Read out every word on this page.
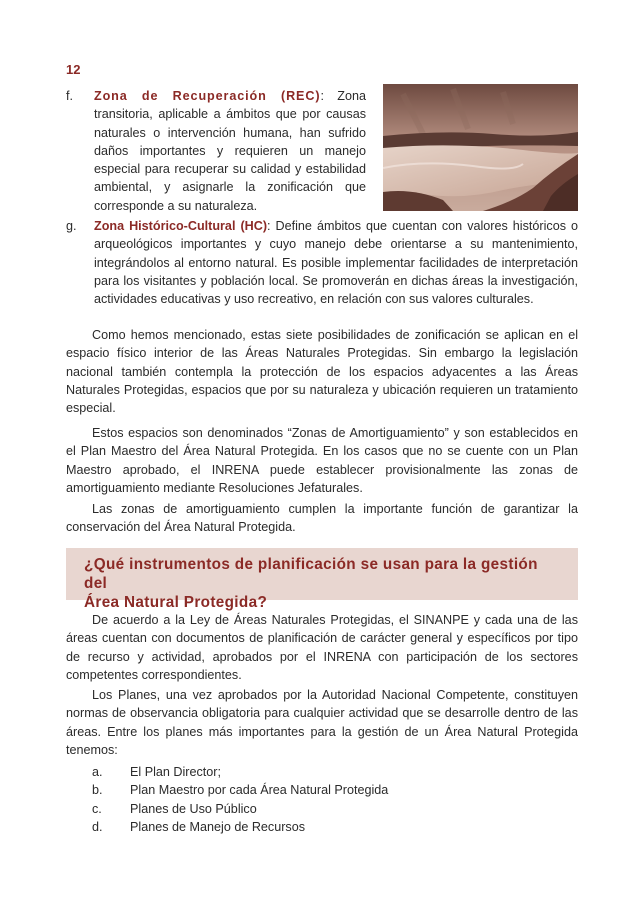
12
f. Zona de Recuperación (REC): Zona transitoria, aplicable a ámbitos que por causas naturales o intervención humana, han sufrido daños importantes y requieren un manejo especial para recuperar su calidad y estabilidad ambiental, y asignarle la zonificación que corresponde a su naturaleza.
g. Zona Histórico-Cultural (HC): Define ámbitos que cuentan con valores históricos o arqueológicos importantes y cuyo manejo debe orientarse a su mantenimiento, integrándolos al entorno natural. Es posible implementar facilidades de interpretación para los visitantes y población local. Se promoverán en dichas áreas la investigación, actividades educativas y uso recreativo, en relación con sus valores culturales.

Como hemos mencionado, estas siete posibilidades de zonificación se aplican en el espacio físico interior de las Áreas Naturales Protegidas. Sin embargo la legislación nacional también contempla la protección de los espacios adyacentes a las Áreas Naturales Protegidas, espacios que por su naturaleza y ubicación requieren un tratamiento especial.

Estos espacios son denominados “Zonas de Amortiguamiento” y son establecidos en el Plan Maestro del Área Natural Protegida. En los casos que no se cuente con un Plan Maestro aprobado, el INRENA puede establecer provisionalmente las zonas de amortiguamiento mediante Resoluciones Jefaturales.

Las zonas de amortiguamiento cumplen la importante función de garantizar la conservación del Área Natural Protegida.

¿Qué instrumentos de planificación se usan para la gestión del
Área Natural Protegida?

De acuerdo a la Ley de Áreas Naturales Protegidas, el SINANPE y cada una de las áreas cuentan con documentos de planificación de carácter general y específicos por tipo de recurso y actividad, aprobados por el INRENA con participación de los sectores competentes correspondientes.

Los Planes, una vez aprobados por la Autoridad Nacional Competente, constituyen normas de observancia obligatoria para cualquier actividad que se desarrolle dentro de las áreas. Entre los planes más importantes para la gestión de un Área Natural Protegida tenemos:

a. El Plan Director;
b. Plan Maestro por cada Área Natural Protegida
c. Planes de Uso Público
d. Planes de Manejo de Recursos
